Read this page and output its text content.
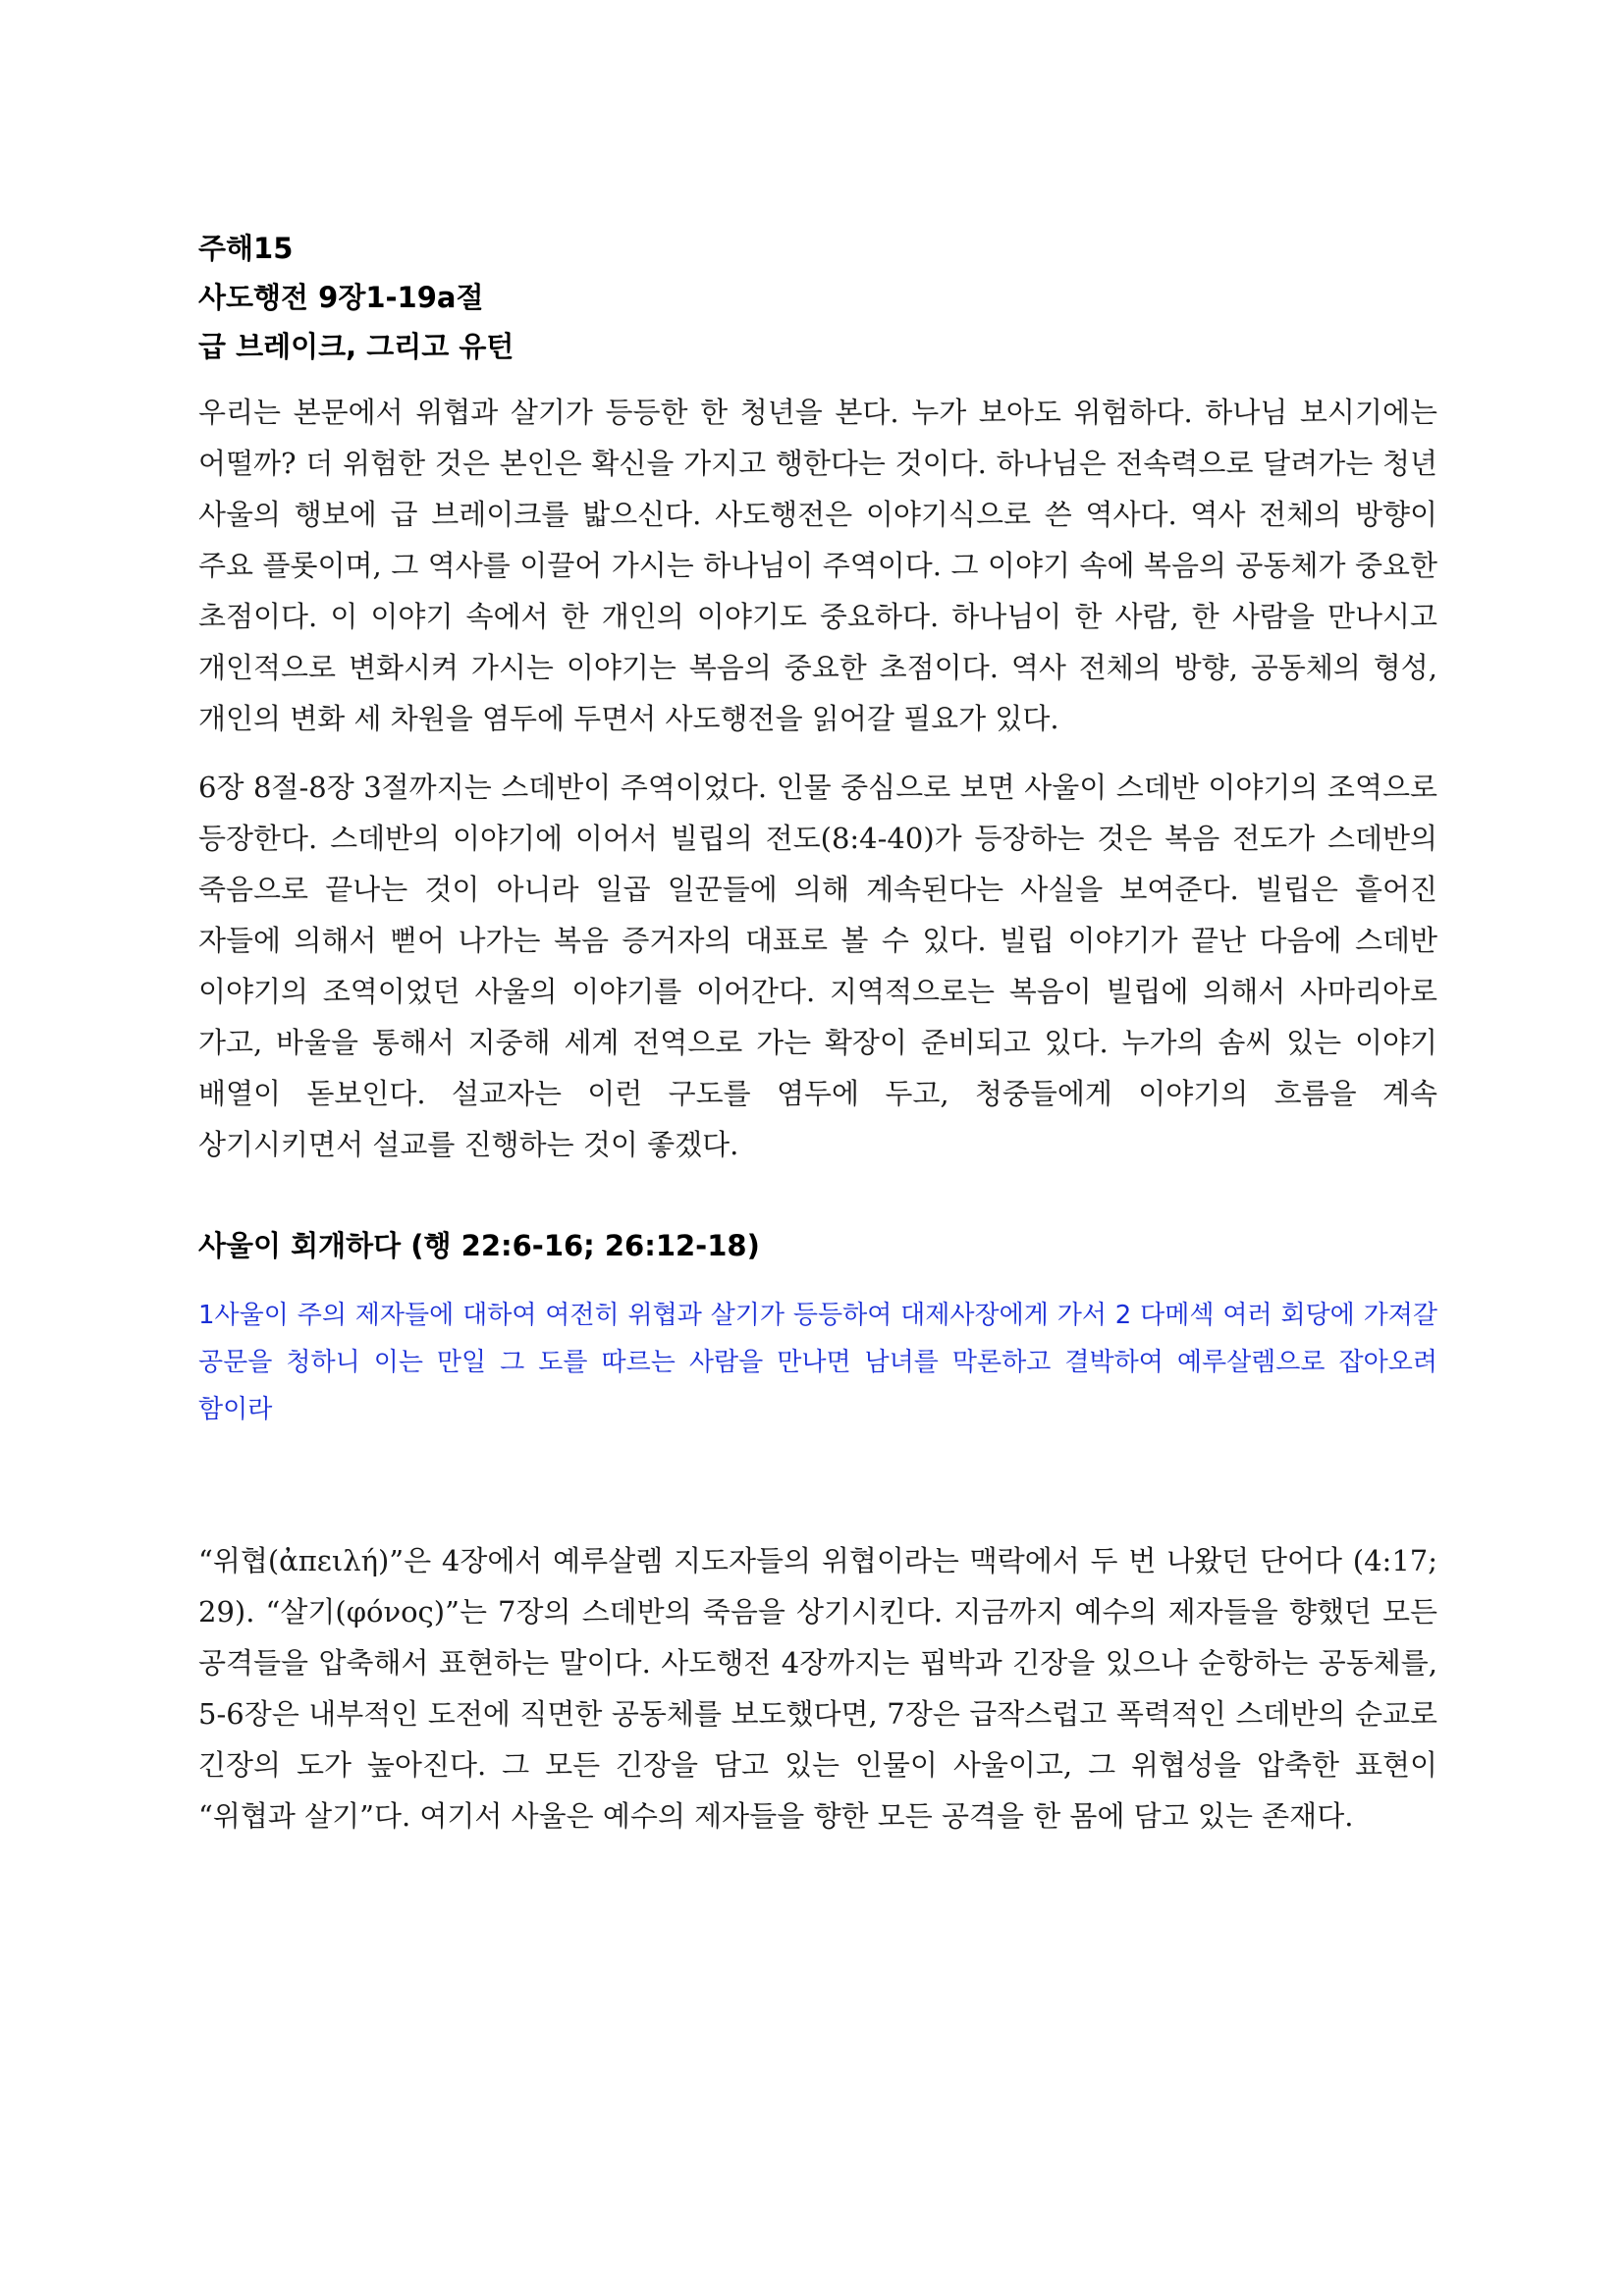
주해15
사도행전 9장1-19a절
급 브레이크, 그리고 유턴

우리는 본문에서 위협과 살기가 등등한 한 청년을 본다. 누가 보아도 위험하다. 하나님 보시기에는 어떨까? 더 위험한 것은 본인은 확신을 가지고 행한다는 것이다. 하나님은 전속력으로 달려가는 청년 사울의 행보에 급 브레이크를 밟으신다. 사도행전은 이야기식으로 쓴 역사다. 역사 전체의 방향이 주요 플롯이며, 그 역사를 이끌어 가시는 하나님이 주역이다. 그 이야기 속에 복음의 공동체가 중요한 초점이다. 이 이야기 속에서 한 개인의 이야기도 중요하다. 하나님이 한 사람, 한 사람을 만나시고 개인적으로 변화시켜 가시는 이야기는 복음의 중요한 초점이다. 역사 전체의 방향, 공동체의 형성, 개인의 변화 세 차원을 염두에 두면서 사도행전을 읽어갈 필요가 있다.

6장 8절-8장 3절까지는 스데반이 주역이었다. 인물 중심으로 보면 사울이 스데반 이야기의 조역으로 등장한다. 스데반의 이야기에 이어서 빌립의 전도(8:4-40)가 등장하는 것은 복음 전도가 스데반의 죽음으로 끝나는 것이 아니라 일곱 일꾼들에 의해 계속된다는 사실을 보여준다. 빌립은 흩어진 자들에 의해서 뻗어 나가는 복음 증거자의 대표로 볼 수 있다. 빌립 이야기가 끝난 다음에 스데반 이야기의 조역이었던 사울의 이야기를 이어간다. 지역적으로는 복음이 빌립에 의해서 사마리아로 가고, 바울을 통해서 지중해 세계 전역으로 가는 확장이 준비되고 있다. 누가의 솜씨 있는 이야기 배열이 돋보인다. 설교자는 이런 구도를 염두에 두고, 청중들에게 이야기의 흐름을 계속 상기시키면서 설교를 진행하는 것이 좋겠다.

사울이 회개하다 (행 22:6-16; 26:12-18)

1사울이 주의 제자들에 대하여 여전히 위협과 살기가 등등하여 대제사장에게 가서 2 다메섹 여러 회당에 가져갈 공문을 청하니 이는 만일 그 도를 따르는 사람을 만나면 남녀를 막론하고 결박하여 예루살렘으로 잡아오려 함이라

“위협(ἀπειλή)”은 4장에서 예루살렘 지도자들의 위협이라는 맥락에서 두 번 나왔던 단어다 (4:17; 29). “살기(φόνος)”는 7장의 스데반의 죽음을 상기시킨다. 지금까지 예수의 제자들을 향했던 모든 공격들을 압축해서 표현하는 말이다. 사도행전 4장까지는 핍박과 긴장을 있으나 순항하는 공동체를, 5-6장은 내부적인 도전에 직면한 공동체를 보도했다면, 7장은 급작스럽고 폭력적인 스데반의 순교로 긴장의 도가 높아진다. 그 모든 긴장을 담고 있는 인물이 사울이고, 그 위협성을 압축한 표현이 “위협과 살기”다. 여기서 사울은 예수의 제자들을 향한 모든 공격을 한 몸에 담고 있는 존재다.
